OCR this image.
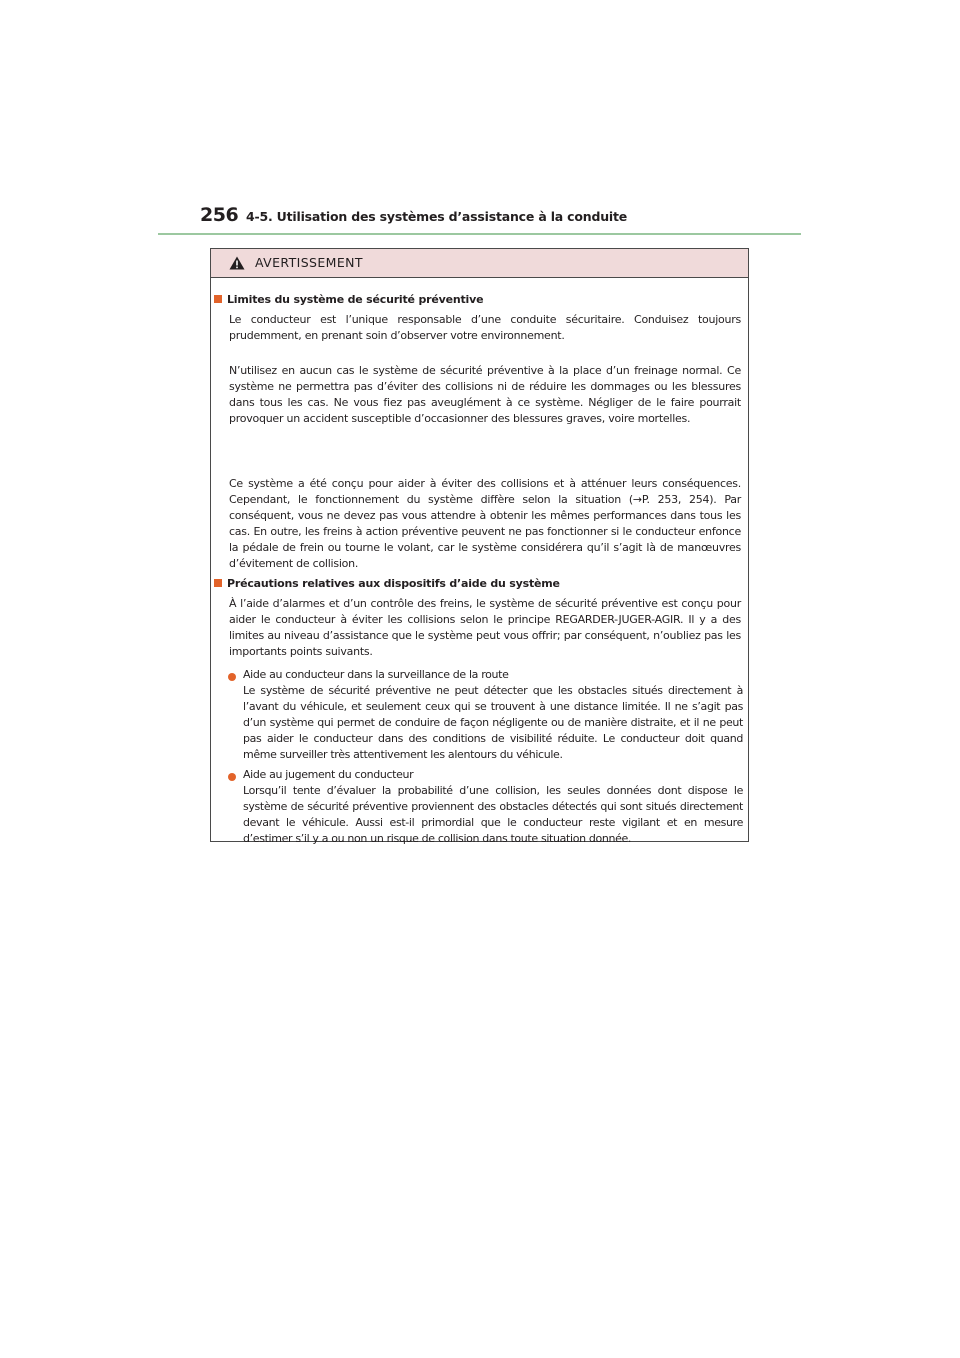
256 4-5. Utilisation des systèmes d’assistance à la conduite
AVERTISSEMENT
Limites du système de sécurité préventive
Le conducteur est l’unique responsable d’une conduite sécuritaire. Conduisez toujours prudemment, en prenant soin d’observer votre environnement.
N’utilisez en aucun cas le système de sécurité préventive à la place d’un freinage normal. Ce système ne permettra pas d’éviter des collisions ni de réduire les dommages ou les blessures dans tous les cas. Ne vous fiez pas aveuglément à ce système. Négliger de le faire pourrait provoquer un accident susceptible d’occasionner des blessures graves, voire mortelles.
Ce système a été conçu pour aider à éviter des collisions et à atténuer leurs conséquences. Cependant, le fonctionnement du système diffère selon la situation (→P. 253, 254). Par conséquent, vous ne devez pas vous attendre à obtenir les mêmes performances dans tous les cas. En outre, les freins à action préventive peuvent ne pas fonctionner si le conducteur enfonce la pédale de frein ou tourne le volant, car le système considérera qu’il s’agit là de manœuvres d’évitement de collision.
Précautions relatives aux dispositifs d’aide du système
À l’aide d’alarmes et d’un contrôle des freins, le système de sécurité préventive est conçu pour aider le conducteur à éviter les collisions selon le principe REGARDER-JUGER-AGIR. Il y a des limites au niveau d’assistance que le système peut vous offrir; par conséquent, n’oubliez pas les importants points suivants.
Aide au conducteur dans la surveillance de la route
Le système de sécurité préventive ne peut détecter que les obstacles situés directement à l’avant du véhicule, et seulement ceux qui se trouvent à une distance limitée. Il ne s’agit pas d’un système qui permet de conduire de façon négligente ou de manière distraite, et il ne peut pas aider le conducteur dans des conditions de visibilité réduite. Le conducteur doit quand même surveiller très attentivement les alentours du véhicule.
Aide au jugement du conducteur
Lorsqu’il tente d’évaluer la probabilité d’une collision, les seules données dont dispose le système de sécurité préventive proviennent des obstacles détectés qui sont situés directement devant le véhicule. Aussi est-il primordial que le conducteur reste vigilant et en mesure d’estimer s’il y a ou non un risque de collision dans toute situation donnée.
